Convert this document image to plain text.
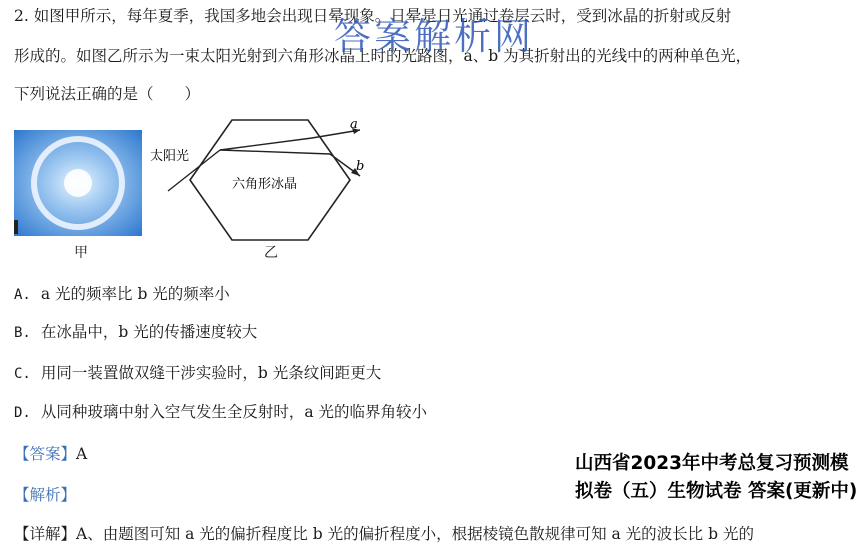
2. 如图甲所示，每年夏季，我国多地会出现日晕现象。日晕是日光通过卷层云时，受到冰晶的折射或反射
形成的。如图乙所示为一束太阳光射到六角形冰晶上时的光路图，a、b 为其折射出的光线中的两种单色光，
下列说法正确的是（　　）
答案解析网
甲
太阳光
六角形冰晶
a
b
乙
A. a 光的频率比 b 光的频率小
B. 在冰晶中，b 光的传播速度较大
C. 用同一装置做双缝干涉实验时，b 光条纹间距更大
D. 从同种玻璃中射入空气发生全反射时，a 光的临界角较小
【答案】A
【解析】
【详解】A、由题图可知 a 光的偏折程度比 b 光的偏折程度小，根据棱镜色散规律可知 a 光的波长比 b 光的
山西省2023年中考总复习预测模拟卷（五）生物试卷 答案(更新中)
